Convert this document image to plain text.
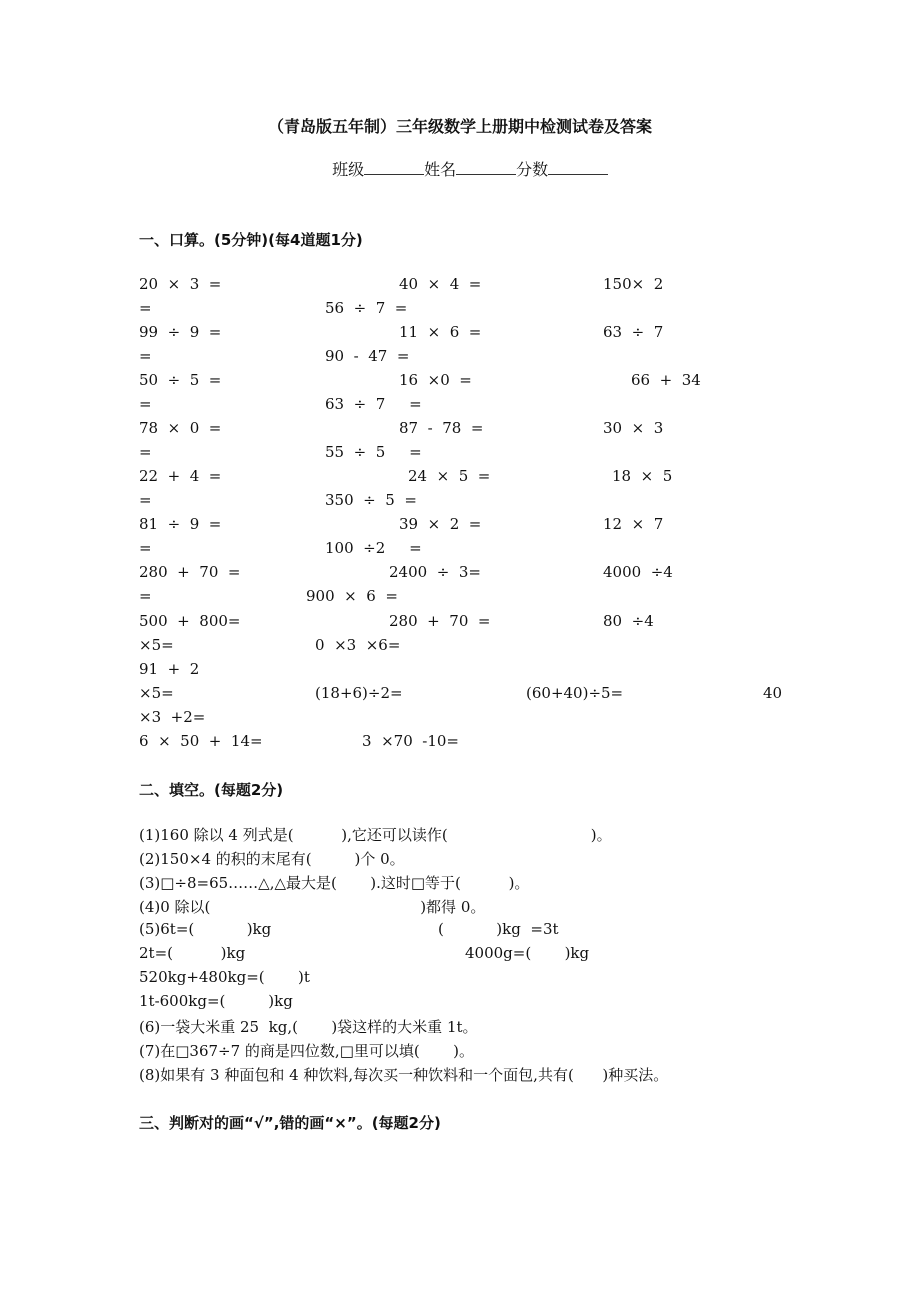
（青岛版五年制）三年级数学上册期中检测试卷及答案

班级	姓名	分数

一、口算。(5分钟)(每4道题1分)
20  ×  3  =	40  ×  4  =	150×  2
=	56  ÷  7  =
99  ÷  9  =	11  ×  6  =	63  ÷  7
=	90  -  47  =
50  ÷  5  =	16  ×0  =	66  +  34
=	63  ÷  7     =
78  ×  0  =	87  -  78  =	30  ×  3
=	55  ÷  5     =
22  +  4  =	24  ×  5  =	18  ×  5
=	350  ÷  5  =
81  ÷  9  =	39  ×  2  =	12  ×  7
=	100  ÷2     =
280  +  70  =	2400  ÷  3=	4000  ÷4
=	900  ×  6  =
500  +  800=	280  +  70  =	80  ÷4
×5=	0  ×3  ×6=
91  +  2
×5=	(18+6)÷2=	(60+40)÷5=	40
×3  +2=
6  ×  50  +  14=	3  ×70  -10=
二、填空。(每题2分)
(1)160 除以 4 列式是(          ),它还可以读作(                              )。
(2)150×4 的积的末尾有(         )个 0。
(3)□÷8=65……△,△最大是(       ).这时□等于(          )。
(4)0 除以(                                            )都得 0。
(5)6t=(           )kg	(           )kg  =3t
2t=(          )kg	4000g=(       )kg
520kg+480kg=(       )t
1t-600kg=(         )kg
(6)一袋大米重 25  kg,(       )袋这样的大米重 1t。
(7)在□367÷7 的商是四位数,□里可以填(       )。
(8)如果有 3 种面包和 4 种饮料,每次买一种饮料和一个面包,共有(      )种买法。
三、判断对的画“√”,错的画“×”。(每题2分)
